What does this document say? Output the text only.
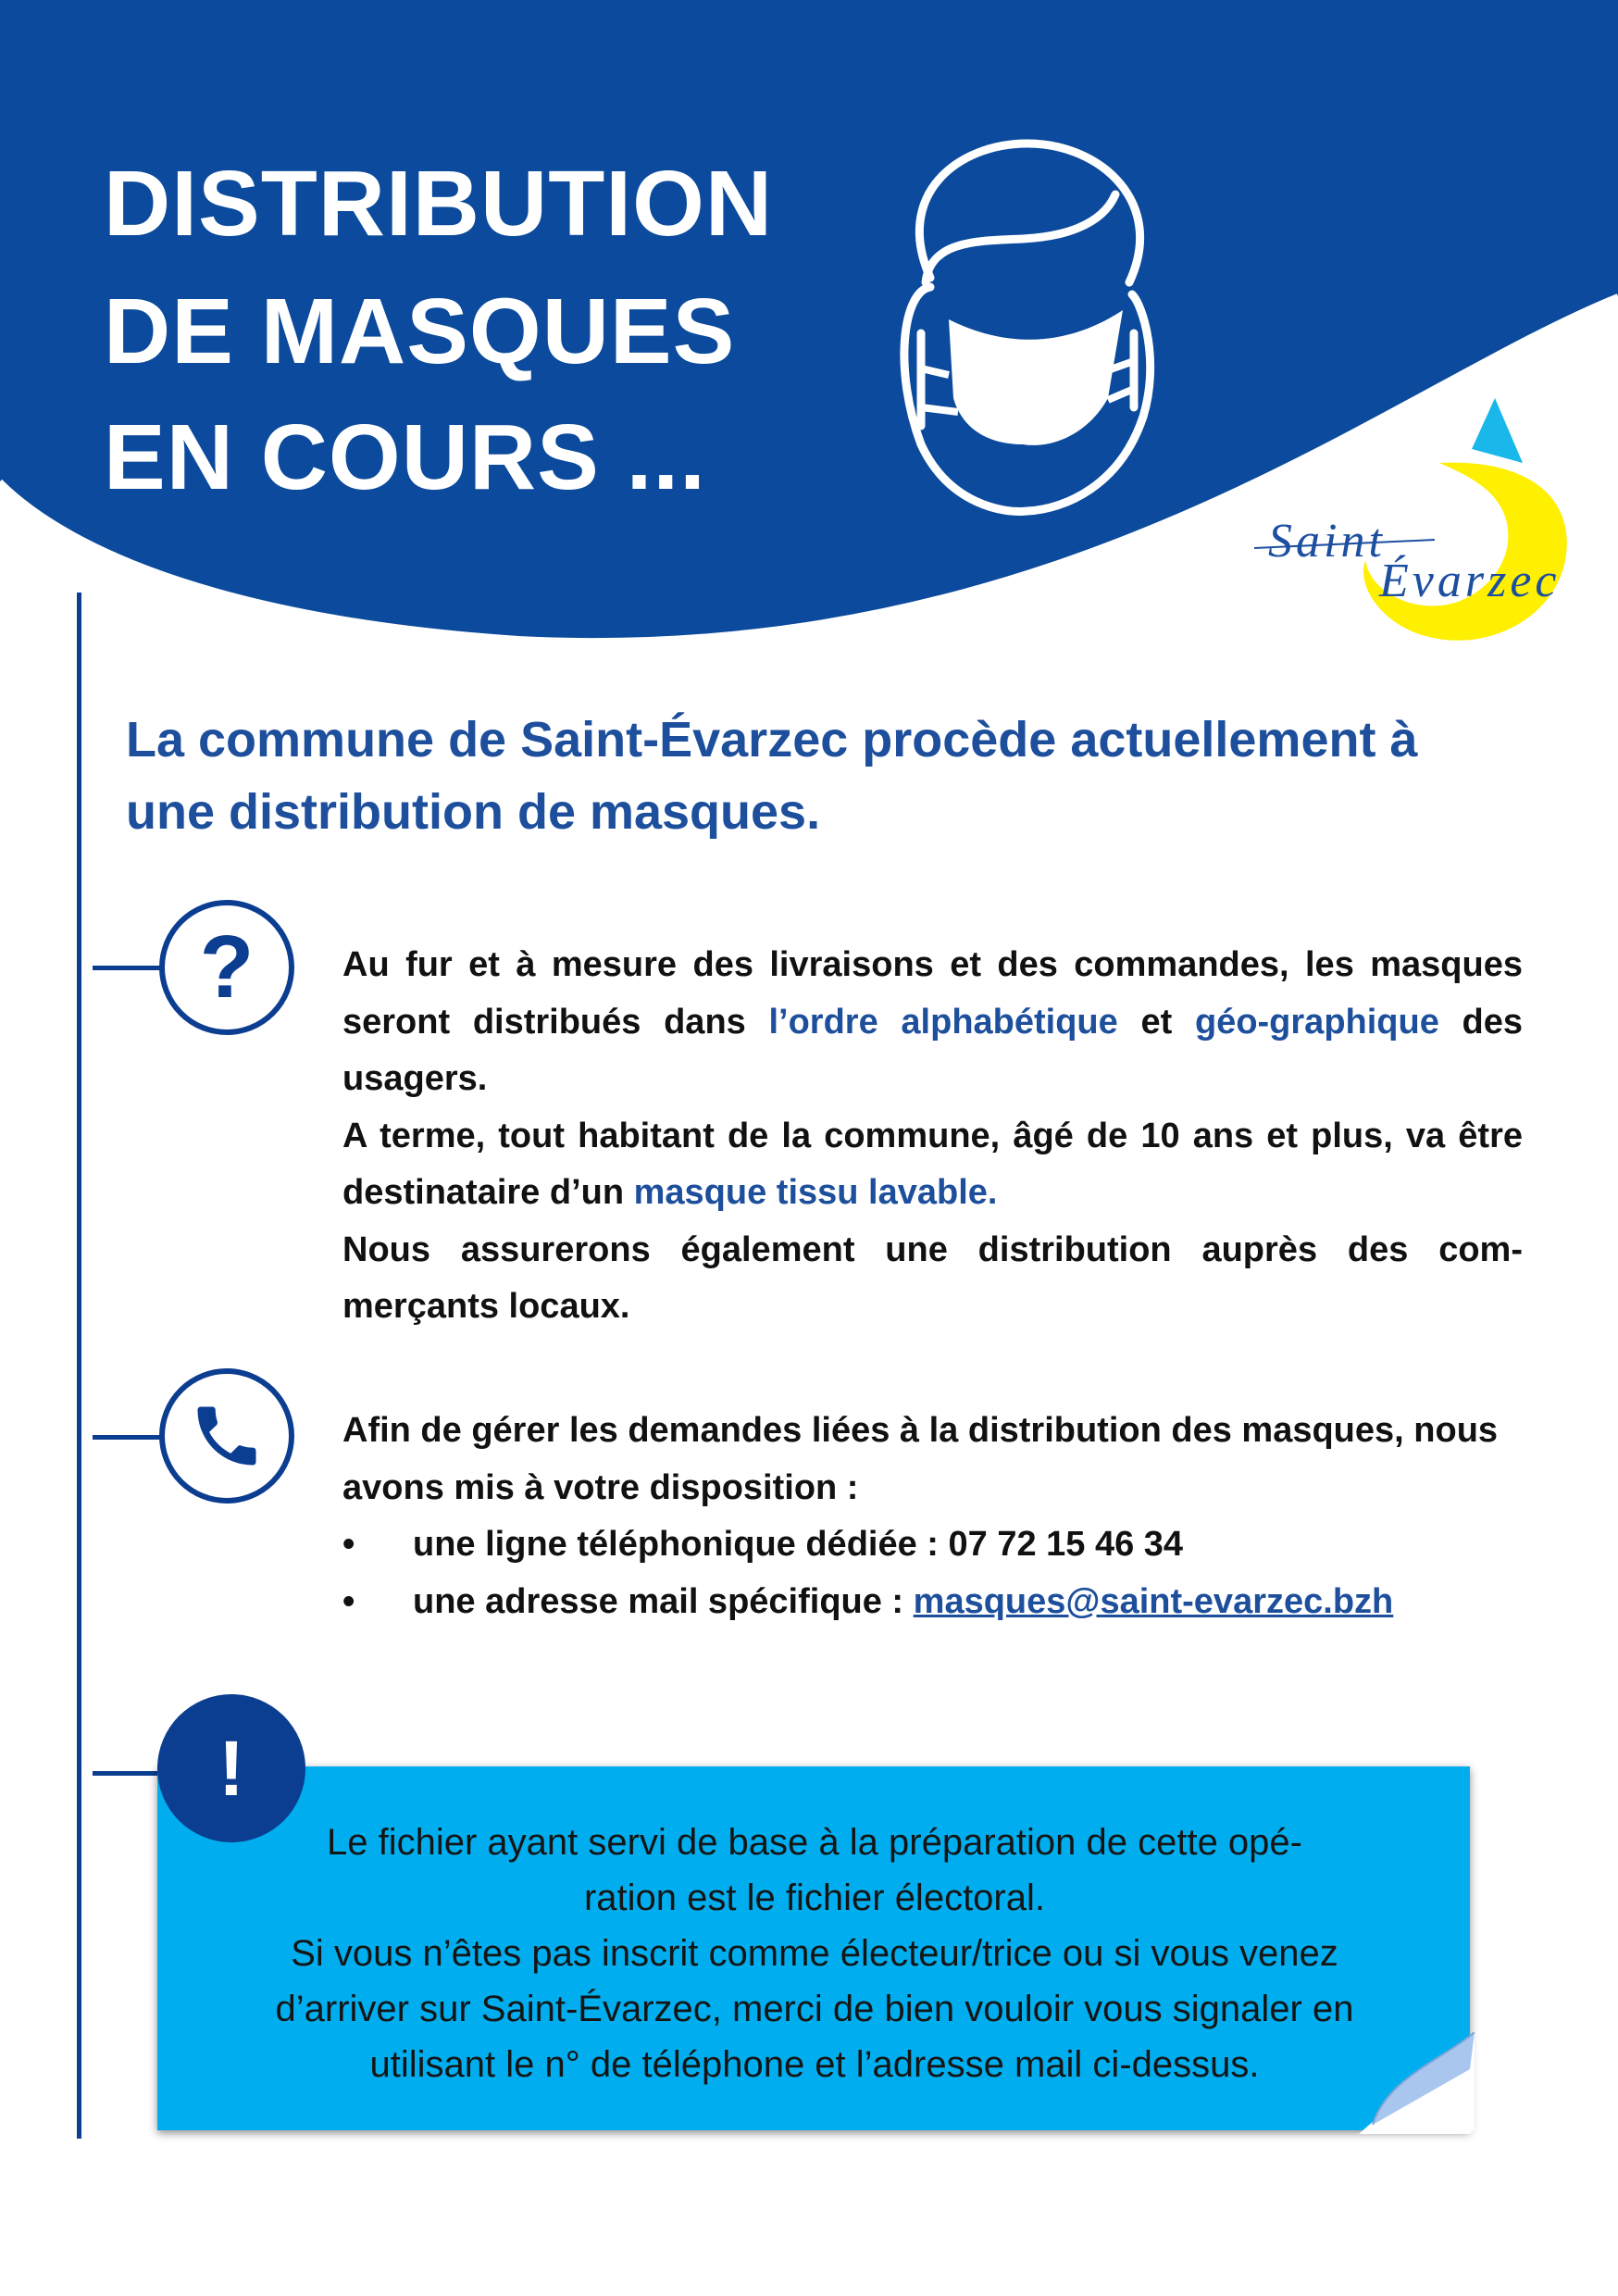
DISTRIBUTION
DE MASQUES
EN COURS ...
Saint
Évarzec
La commune de Saint-Évarzec procède actuellement à
une distribution de masques.
?	Au fur et à mesure des livraisons et des commandes, les masques seront distribués dans l’ordre alphabétique et géo-graphique des usagers.
A terme, tout habitant de la commune, âgé de 10 ans et plus, va être destinataire d’un masque tissu lavable.
Nous assurerons également une distribution auprès des com-merçants locaux.
Afin de gérer les demandes liées à la distribution des masques, nous avons mis à votre disposition :
• une ligne téléphonique dédiée : 07 72 15 46 34
• une adresse mail spécifique : masques@saint-evarzec.bzh
!
Le fichier ayant servi de base à la préparation de cette opé-
ration est le fichier électoral.
Si vous n’êtes pas inscrit comme électeur/trice ou si vous venez
d’arriver sur Saint-Évarzec, merci de bien vouloir vous signaler en
utilisant le n° de téléphone et l’adresse mail ci-dessus.
